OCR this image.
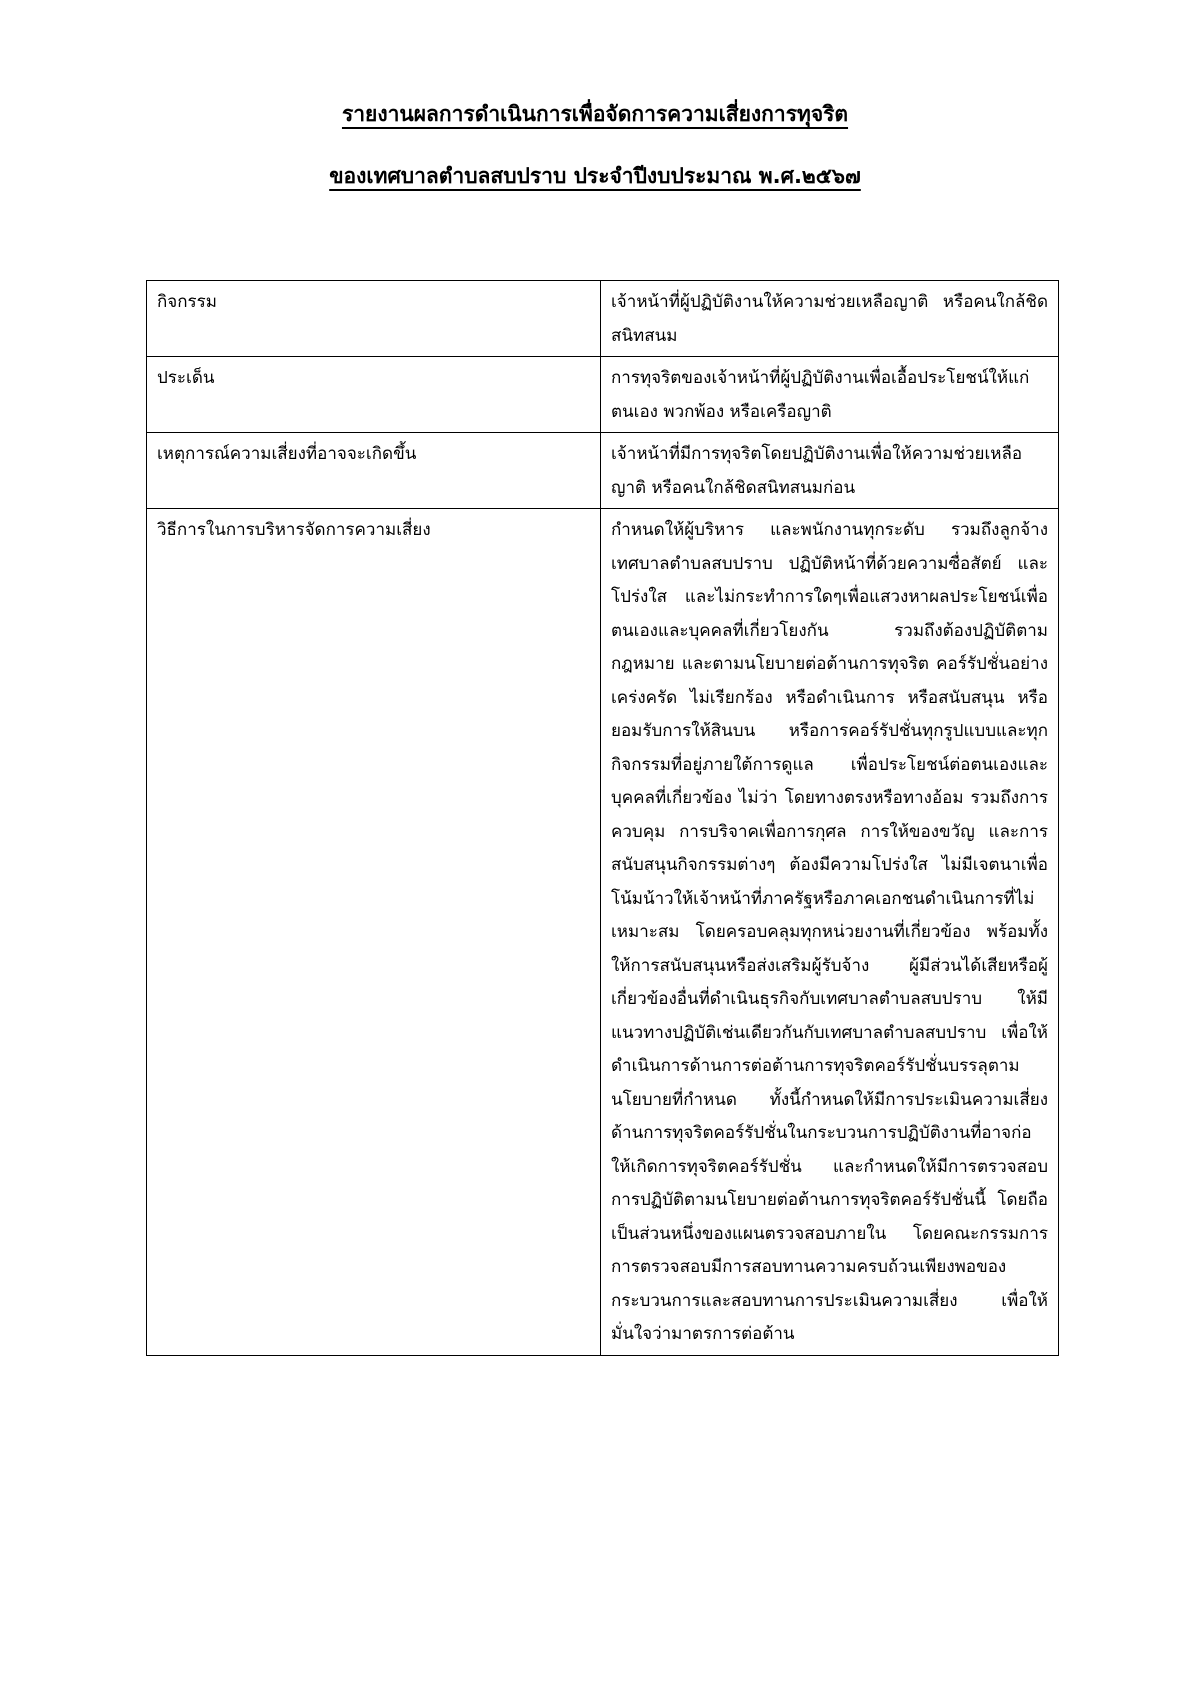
รายงานผลการดำเนินการเพื่อจัดการความเสี่ยงการทุจริต
ของเทศบาลตำบลสบปราบ ประจำปีงบประมาณ พ.ศ.๒๕๖๗
กิจกรรม	เจ้าหน้าที่ผู้ปฏิบัติงานให้ความช่วยเหลือญาติ หรือคนใกล้ชิดสนิทสนม
ประเด็น	การทุจริตของเจ้าหน้าที่ผู้ปฏิบัติงานเพื่อเอื้อประโยชน์ให้แก่ตนเอง พวกพ้อง หรือเครือญาติ
เหตุการณ์ความเสี่ยงที่อาจจะเกิดขึ้น	เจ้าหน้าที่มีการทุจริตโดยปฏิบัติงานเพื่อให้ความช่วยเหลือญาติ หรือคนใกล้ชิดสนิทสนมก่อน
วิธีการในการบริหารจัดการความเสี่ยง	กำหนดให้ผู้บริหาร และพนักงานทุกระดับ รวมถึงลูกจ้าง เทศบาลตำบลสบปราบ ปฏิบัติหน้าที่ด้วยความซื่อสัตย์ และโปร่งใส และไม่กระทำการใดๆเพื่อแสวงหาผลประโยชน์เพื่อตนเองและบุคคลที่เกี่ยวโยงกัน รวมถึงต้องปฏิบัติตามกฎหมาย และตามนโยบายต่อต้านการทุจริต คอร์รัปชั่นอย่างเคร่งครัด ไม่เรียกร้อง หรือดำเนินการ หรือสนับสนุน หรือยอมรับการให้สินบน หรือการคอร์รัปชั่นทุกรูปแบบและทุกกิจกรรมที่อยู่ภายใต้การดูแล เพื่อประโยชน์ต่อตนเองและบุคคลที่เกี่ยวข้อง ไม่ว่า โดยทางตรงหรือทางอ้อม รวมถึงการควบคุม การบริจาคเพื่อการกุศล การให้ของขวัญ และการสนับสนุนกิจกรรมต่างๆ ต้องมีความโปร่งใส ไม่มีเจตนาเพื่อโน้มน้าวให้เจ้าหน้าที่ภาครัฐหรือภาคเอกชนดำเนินการที่ไม่เหมาะสม โดยครอบคลุมทุกหน่วยงานที่เกี่ยวข้อง พร้อมทั้งให้การสนับสนุนหรือส่งเสริมผู้รับจ้าง ผู้มีส่วนได้เสียหรือผู้เกี่ยวข้องอื่นที่ดำเนินธุรกิจกับเทศบาลตำบลสบปราบ ให้มีแนวทางปฏิบัติเช่นเดียวกันกับเทศบาลตำบลสบปราบ เพื่อให้ดำเนินการด้านการต่อต้านการทุจริตคอร์รัปชั่นบรรลุตามนโยบายที่กำหนด ทั้งนี้กำหนดให้มีการประเมินความเสี่ยงด้านการทุจริตคอร์รัปชั่นในกระบวนการปฏิบัติงานที่อาจก่อให้เกิดการทุจริตคอร์รัปชั่น และกำหนดให้มีการตรวจสอบการปฏิบัติตามนโยบายต่อต้านการทุจริตคอร์รัปชั่นนี้ โดยถือเป็นส่วนหนึ่งของแผนตรวจสอบภายใน โดยคณะกรรมการการตรวจสอบมีการสอบทานความครบถ้วนเพียงพอของกระบวนการและสอบทานการประเมินความเสี่ยง เพื่อให้มั่นใจว่ามาตรการต่อต้าน
